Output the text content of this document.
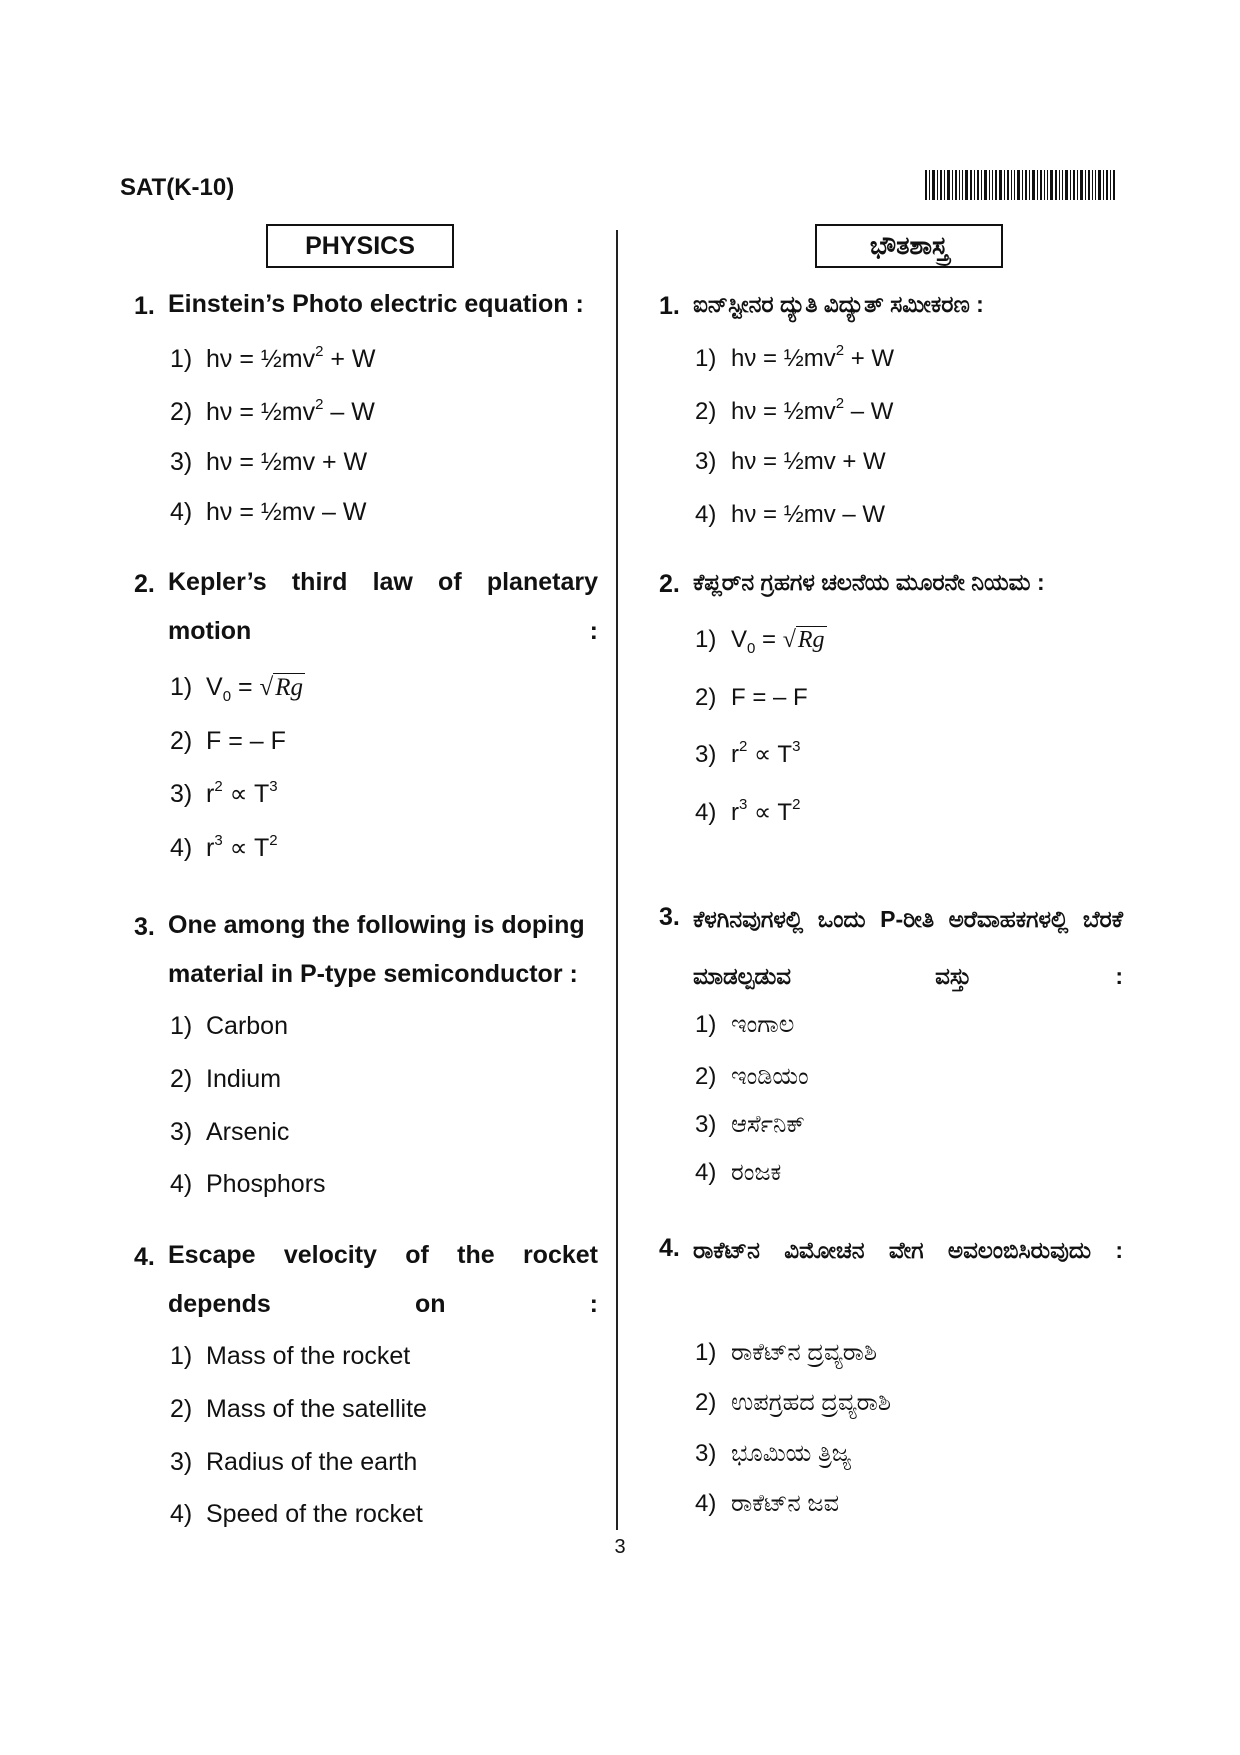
SAT(K-10)
PHYSICS
1. Einstein’s Photo electric equation :
1) $h\nu = \frac{1}{2}mv^2 + W$
2) $h\nu = \frac{1}{2}mv^2 - W$
3) hν = ½mv + W
4) hν = ½mv – W
2. Kepler’s third law of planetary motion :
1) $V_0 = √Rg$
2) F = – F
3) $r^2 \propto T^3$
4) $r^3 \propto T^2$
3. One among the following is doping material in P-type semiconductor :
1) Carbon
2) Indium
3) Arsenic
4) Phosphors
4. Escape velocity of the rocket depends on :
1) Mass of the rocket
2) Mass of the satellite
3) Radius of the earth
4) Speed of the rocket
ಭೌತಶಾಸ್ತ್ರ
1. ಐನ್‌ಸ್ಟೀನರ ದ್ಯುತಿ ವಿದ್ಯುತ್ ಸಮೀಕರಣ :
1) $h\nu = \frac{1}{2}mv^2 + W$
2) $h\nu = \frac{1}{2}mv^2 - W$
3) hν = ½mv + W
4) hν = ½mv – W
2. ಕೆಪ್ಲರ್‌ನ ಗ್ರಹಗಳ ಚಲನೆಯ ಮೂರನೇ ನಿಯಮ :
1) $V_0 = √Rg$
2) F = – F
3) $r^2 \propto T^3$
4) $r^3 \propto T^2$
3. ಕೆಳಗಿನವುಗಳಲ್ಲಿ ಒಂದು P-ರೀತಿ ಅರೆವಾಹಕಗಳಲ್ಲಿ ಬೆರಕೆ ಮಾಡಲ್ಪಡುವ ವಸ್ತು :
1) ಇಂಗಾಲ
2) ಇಂಡಿಯಂ
3) ಆರ್ಸೆನಿಕ್
4) ರಂಜಕ
4. ರಾಕೆಟ್‌ನ ವಿಮೋಚನ ವೇಗ ಅವಲಂಬಿಸಿರುವುದು :
1) ರಾಕೆಟ್‌ನ ದ್ರವ್ಯರಾಶಿ
2) ಉಪಗ್ರಹದ ದ್ರವ್ಯರಾಶಿ
3) ಭೂಮಿಯ ತ್ರಿಜ್ಯ
4) ರಾಕೆಟ್‌ನ ಜವ
3
